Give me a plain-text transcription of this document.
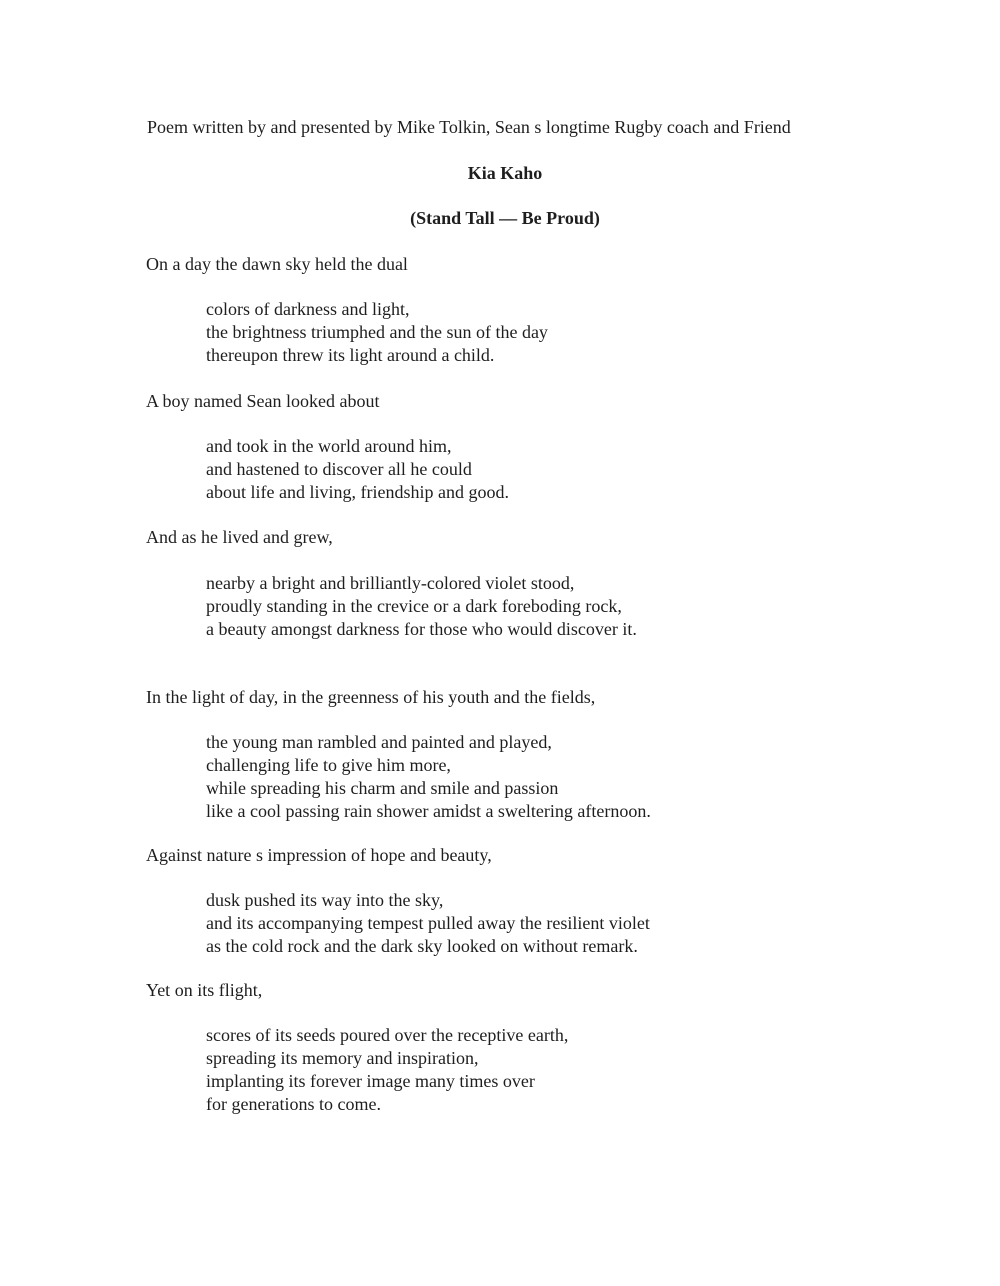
Poem written by and presented by Mike Tolkin, Sean s longtime Rugby coach and Friend
Kia Kaho
(Stand Tall — Be Proud)
On a day the dawn sky held the dual
colors of darkness and light,
the brightness triumphed and the sun of the day
thereupon threw its light around a child.
A boy named Sean looked about
and took in the world around him,
and hastened to discover all he could
about life and living, friendship and good.
And as he lived and grew,
nearby a bright and brilliantly-colored violet stood,
proudly standing in the crevice or a dark foreboding rock,
a beauty amongst darkness for those who would discover it.
In the light of day, in the greenness of his youth and the fields,
the young man rambled and painted and played,
challenging life to give him more,
while spreading his charm and smile and passion
like a cool passing rain shower amidst a sweltering afternoon.
Against nature s impression of hope and beauty,
dusk pushed its way into the sky,
and its accompanying tempest pulled away the resilient violet
as the cold rock and the dark sky looked on without remark.
Yet on its flight,
scores of its seeds poured over the receptive earth,
spreading its memory and inspiration,
implanting its forever image many times over
for generations to come.
